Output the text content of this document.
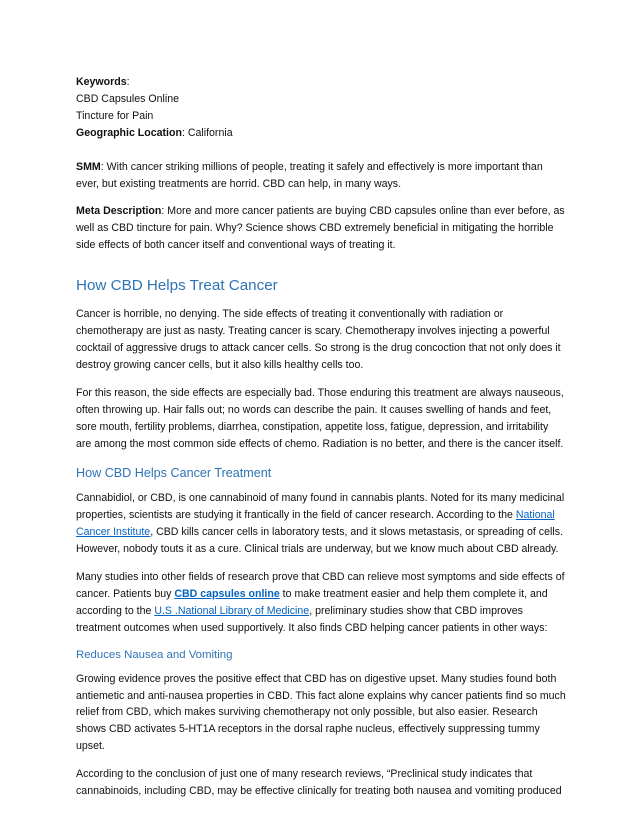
Keywords:

CBD Capsules Online

Tincture for Pain

Geographic Location: California

SMM: With cancer striking millions of people, treating it safely and effectively is more important than ever, but existing treatments are horrid. CBD can help, in many ways.

Meta Description: More and more cancer patients are buying CBD capsules online than ever before, as well as CBD tincture for pain. Why? Science shows CBD extremely beneficial in mitigating the horrible side effects of both cancer itself and conventional ways of treating it.

How CBD Helps Treat Cancer

Cancer is horrible, no denying. The side effects of treating it conventionally with radiation or chemotherapy are just as nasty. Treating cancer is scary. Chemotherapy involves injecting a powerful cocktail of aggressive drugs to attack cancer cells. So strong is the drug concoction that not only does it destroy growing cancer cells, but it also kills healthy cells too.

For this reason, the side effects are especially bad. Those enduring this treatment are always nauseous, often throwing up. Hair falls out; no words can describe the pain. It causes swelling of hands and feet, sore mouth, fertility problems, diarrhea, constipation, appetite loss, fatigue, depression, and irritability are among the most common side effects of chemo. Radiation is no better, and there is the cancer itself.

How CBD Helps Cancer Treatment

Cannabidiol, or CBD, is one cannabinoid of many found in cannabis plants. Noted for its many medicinal properties, scientists are studying it frantically in the field of cancer research. According to the National Cancer Institute, CBD kills cancer cells in laboratory tests, and it slows metastasis, or spreading of cells. However, nobody touts it as a cure. Clinical trials are underway, but we know much about CBD already.

Many studies into other fields of research prove that CBD can relieve most symptoms and side effects of cancer. Patients buy CBD capsules online to make treatment easier and help them complete it, and according to the U.S .National Library of Medicine, preliminary studies show that CBD improves treatment outcomes when used supportively. It also finds CBD helping cancer patients in other ways:

Reduces Nausea and Vomiting

Growing evidence proves the positive effect that CBD has on digestive upset. Many studies found both antiemetic and anti-nausea properties in CBD. This fact alone explains why cancer patients find so much relief from CBD, which makes surviving chemotherapy not only possible, but also easier. Research shows CBD activates 5-HT1A receptors in the dorsal raphe nucleus, effectively suppressing tummy upset.

According to the conclusion of just one of many research reviews, “Preclinical study indicates that cannabinoids, including CBD, may be effective clinically for treating both nausea and vomiting produced
